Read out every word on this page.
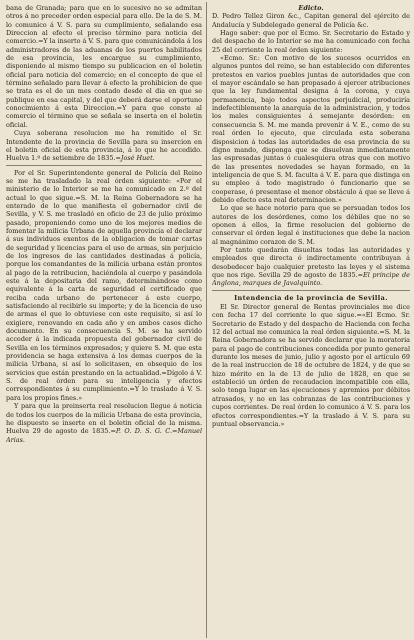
bana de Granada; para que en lo sucesivo no se admitan otros á no preceder orden especial para ello. De la de S. M. lo comunico á V. S. para su cumplimiento, señalando esa Direccion al efecto el preciso término para noticia del comercio.=Y la inserto á V. S. para que comunicándola á los administradores de las aduanas de los puertos habilitados de esa provincia, les encargue su cumplimiento, disponiendo al mismo tiempo su publicacion en el boletin oficial para noticia del comercio; en el concepto de que el término señalado para llevar á efecto la prohibicion de que se trata es el de un mes contado desde el dia en que se publique en esa capital, y del que deberá darse el oportuno conocimiento á esta Direccion.=Y para que conste al comercio el término que se señala se inserta en el boletin oficial.

Cuya soberana resolucion me ha remitido el Sr. Intendente de la provincia de Sevilla para su insercion en el boletin oficial de esta provincia, á lo que he accedido. Huelva 1.º de setiembre de 1835.=José Huet.

Por el Sr. Superintendente general de Policía del Reino se me ha trasladado la real órden siguiente: «Por el ministerio de lo Interior se me ha comunicado en 2.º del actual lo que sigue.=S. M. la Reina Gobernadora se ha enterado de lo que manifiesta el gobernador civil de Sevilla, y V. S. me trasladó en oficio de 23 de julio próximo pasado, proponiendo como uno de los mejores medios de fomentar la milicia Urbana de aquella provincia el declarar á sus individuos exentos de la obligacion de tomar cartas de seguridad y licencias para el uso de armas, sin perjuicio de los ingresos de las cantidades destinadas á policía, porque los comandantes de la milicia urbana están prontos al pago de la retribucion, haciéndola al cuerpo y pasándola este á la depositaria del ramo, determinándose como equivalente á la carta de seguridad el certificado que reciba cada urbano de pertenecer á este cuerpo, satisfaciendo al recibirle su importe; y de la licencia de uso de armas el que lo obtuviese con este requisito, si así lo exigiere, renovando en cada año y en ambos casos dicho documento. En su consecuencia S. M. se ha servido acceder á la indicada propuesta del gobernador civil de Sevilla en los términos expresados; y quiere S. M. que esta providencia se haga extensiva á los demas cuerpos de la milicia Urbana, si así lo solicitasen, en obsequio de los servicios que están prestando en la actualidad.=Dígolo á V. S. de real órden para su inteligencia y efectos correspondientes á su cumplimiento.=Y lo traslado á V. S. para los propios fines.»

Y para que la preinserta real resolucion llegue á noticia de todos los cuerpos de la milicia Urbana de esta provincia, he dispuesto se inserte en el boletin oficial de la misma. Huelva 29 de agosto de 1835.=P. O. D. S. G. C.=Manuel Arias.

Edicto.

D. Pedro Tellez Giron &c., Capitan general del ejército de Andalucía y Subdelegado general de Policía &c.

Hago saber: que por el Ecmo. Sr. Secretario de Estado y del despacho de lo Interior se me ha comunicado con fecha 25 del corriente la real órden siguiente:

«Ecmo. Sr.: Con motivo de los sucesos ocurridos en algunos puntos del reino, se han establecido con diferentes pretestos en varios pueblos juntas de autoridades que con el mayor escándalo se han propasado á ejercer atribuciones que la ley fundamental designa á la corona, y cuya permanencia, bajo todos aspectos perjudicial, produciría indefectiblemente la anarquía de la administracion, y todos los males consiguientes á semejante desórden: en consecuencia S. M. me manda prevenir á V. E., como de su real órden lo ejecuto, que circulada esta soberana disposicion á todas las autoridades de esa provincia de su digno mando, disponga que se disuelvan inmediatamente las espresadas juntas ó cualesquiera otras que con motivo de las presentes novedades se hayan formado, en la inteligencia de que S. M. faculta á V. E. para que distinga en su empleo á todo magistrado ó funcionario que se cooperase, ó presentase el menor obstáculo á que se lleve á debido efecto esta real determinacion.»

Lo que se hace notorio para que se persuadan todos los autores de los desórdenes, como los débiles que no se oponen á ellos, la firme resolucion del gobierno de conservar el órden legal é instituciones que debe la nacion al magnánimo corazon de S. M.

Por tanto quedarán disueltas todas las autoridades y empleados que directa ó indirectamente contribuyan á desobedecer bajo cualquier pretesto las leyes y el sistema que nos rige. Sevilla 29 de agosto de 1835.=El príncipe de Anglona, marques de Javalquinto.

Intendencia de la provincia de Sevilla.

El Sr. Director general de Rentas provinciales me dice con fecha 17 del corriente lo que sigue.=«El Ecmo. Sr. Secretario de Estado y del despacho de Hacienda con fecha 12 del actual me comunica la real órden siguiente.=S. M. la Reina Gobernadora se ha servido declarar que la moratoria para el pago de contribuciones concedida por punto general durante los meses de junio, julio y agosto por el artículo 69 de la real instruccion de 18 de octubre de 1824, y de que se hizo mérito en la de 13 de julio de 1828, en que se estableció un órden de recaudacion incompatible con ella, solo tenga lugar en las ejecuciones y apremios por débitos atrasados, y no en las cobranzas de las contribuciones y cupos corrientes. De real órden lo comunico á V. S. para los efectos correspondientes.=Y la traslado á V. S. para su puntual observancia.»
